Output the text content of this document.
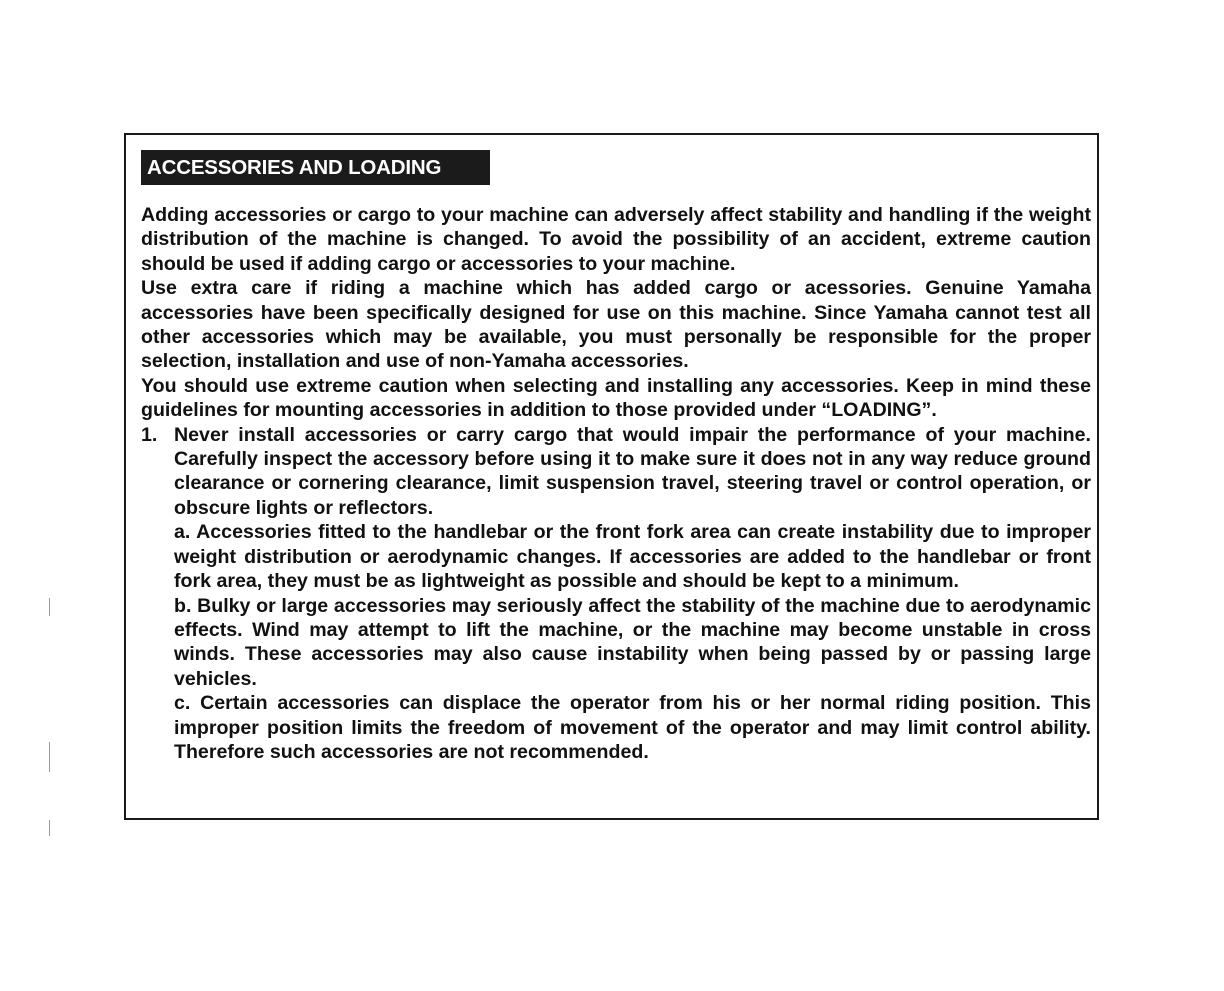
ACCESSORIES AND LOADING

Adding accessories or cargo to your machine can adversely affect stability and handling if the weight distribution of the machine is changed. To avoid the possibility of an accident, extreme caution should be used if adding cargo or accessories to your machine.

Use extra care if riding a machine which has added cargo or acessories. Genuine Yamaha accessories have been specifically designed for use on this machine. Since Yamaha cannot test all other accessories which may be available, you must personally be responsible for the proper selection, installation and use of non-Yamaha accessories.

You should use extreme caution when selecting and installing any accessories. Keep in mind these guidelines for mounting accessories in addition to those provided under “LOADING”.

1. Never install accessories or carry cargo that would impair the performance of your machine. Carefully inspect the accessory before using it to make sure it does not in any way reduce ground clearance or cornering clearance, limit suspension travel, steering travel or control operation, or obscure lights or reflectors.

a. Accessories fitted to the handlebar or the front fork area can create instability due to improper weight distribution or aerodynamic changes. If accessories are added to the handlebar or front fork area, they must be as lightweight as possible and should be kept to a minimum.

b. Bulky or large accessories may seriously affect the stability of the machine due to aerodynamic effects. Wind may attempt to lift the machine, or the machine may become unstable in cross winds. These accessories may also cause instability when being passed by or passing large vehicles.

c. Certain accessories can displace the operator from his or her normal riding position. This improper position limits the freedom of movement of the operator and may limit control ability. Therefore such accessories are not recommended.
